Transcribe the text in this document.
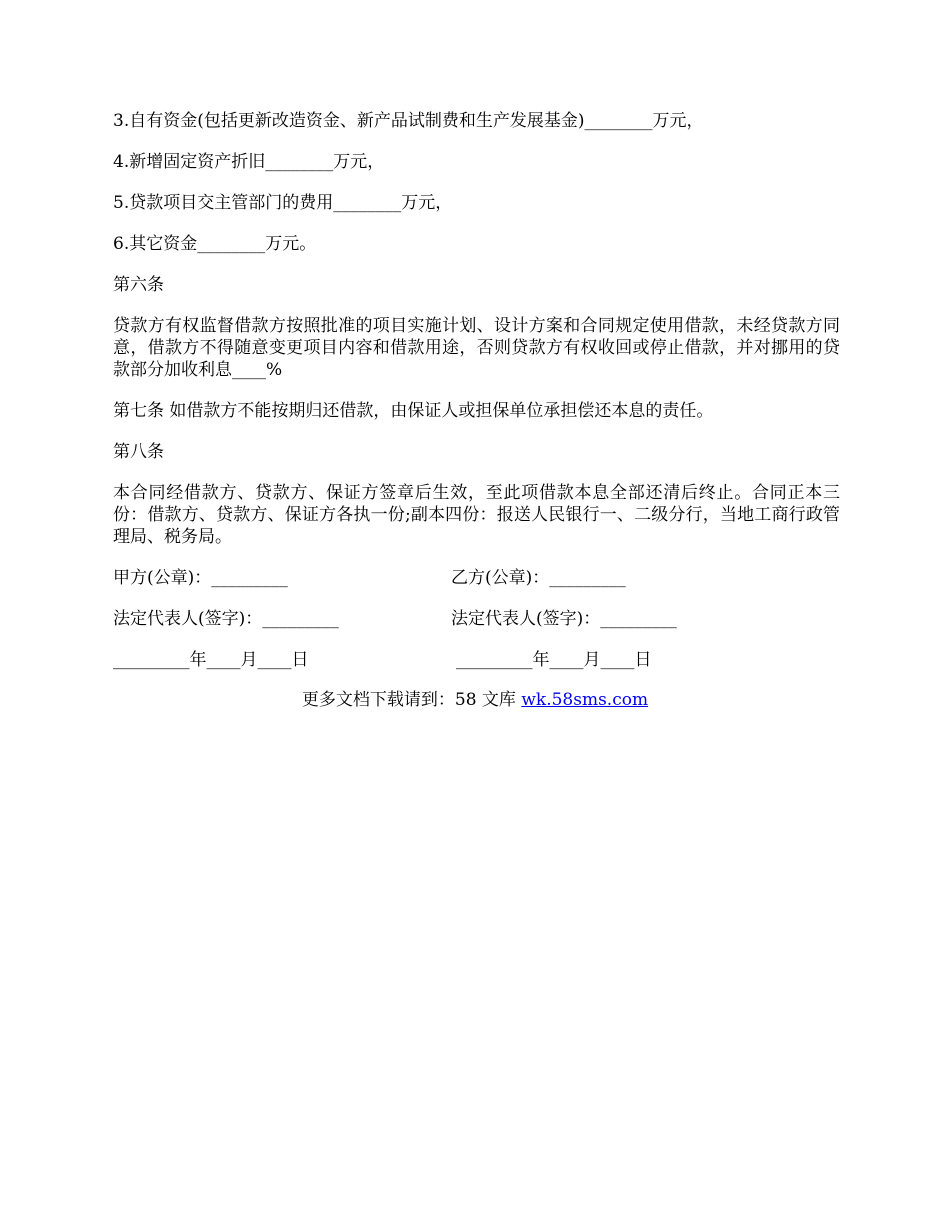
3.自有资金(包括更新改造资金、新产品试制费和生产发展基金)________万元，

4.新增固定资产折旧________万元，

5.贷款项目交主管部门的费用________万元，

6.其它资金________万元。

第六条

贷款方有权监督借款方按照批准的项目实施计划、设计方案和合同规定使用借款，未经贷款方同意，借款方不得随意变更项目内容和借款用途，否则贷款方有权收回或停止借款，并对挪用的贷款部分加收利息____%

第七条 如借款方不能按期归还借款，由保证人或担保单位承担偿还本息的责任。

第八条

本合同经借款方、贷款方、保证方签章后生效，至此项借款本息全部还清后终止。合同正本三份：借款方、贷款方、保证方各执一份;副本四份：报送人民银行一、二级分行，当地工商行政管理局、税务局。

甲方(公章)：_________	乙方(公章)：_________
法定代表人(签字)：_________	法定代表人(签字)：_________
_________年____月____日	_________年____月____日
更多文档下载请到：58 文库 wk.58sms.com
